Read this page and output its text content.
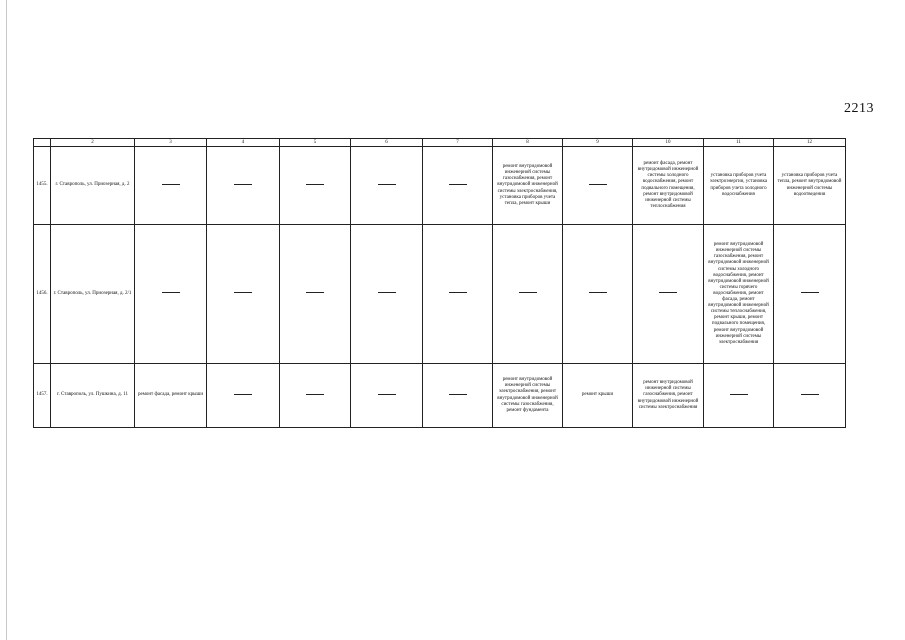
2213
	2	3	4	5	6	7	8	9	10	11	12
1455.	г. Ставрополь, ул. Приозерная, д. 2						ремонт внутридомовой инженерной системы газоснабжения, ремонт внутридомовой инженерной системы электроснабжения, установка приборов учета тепла, ремонт крыши		ремонт фасада, ремонт внутридомовой инженерной системы холодного водоснабжения, ремонт подвального помещения, ремонт внутридомовой инженерной системы теплоснабжения	установка приборов учета электроэнергии, установка приборов учета холодного водоснабжения	установка приборов учета тепла, ремонт внутридомовой инженерной системы водоотведения
1456.	г. Ставрополь, ул. Приозерная, д. 2/1									ремонт внутридомовой инженерной системы газоснабжения, ремонт внутридомовой инженерной системы холодного водоснабжения, ремонт внутридомовой инженерной системы горячего водоснабжения, ремонт фасада, ремонт внутридомовой инженерной системы теплоснабжения, ремонт крыши, ремонт подвального помещения, ремонт внутридомовой инженерной системы электроснабжения	
1457.	г. Ставрополь, ул. Пушкина, д. 11	ремонт фасада, ремонт крыши					ремонт внутридомовой инженерной системы электроснабжения, ремонт внутридомовой инженерной системы газоснабжения, ремонт фундамента	ремонт крыши	ремонт внутридомовой инженерной системы газоснабжения, ремонт внутридомовой инженерной системы электроснабжения		
